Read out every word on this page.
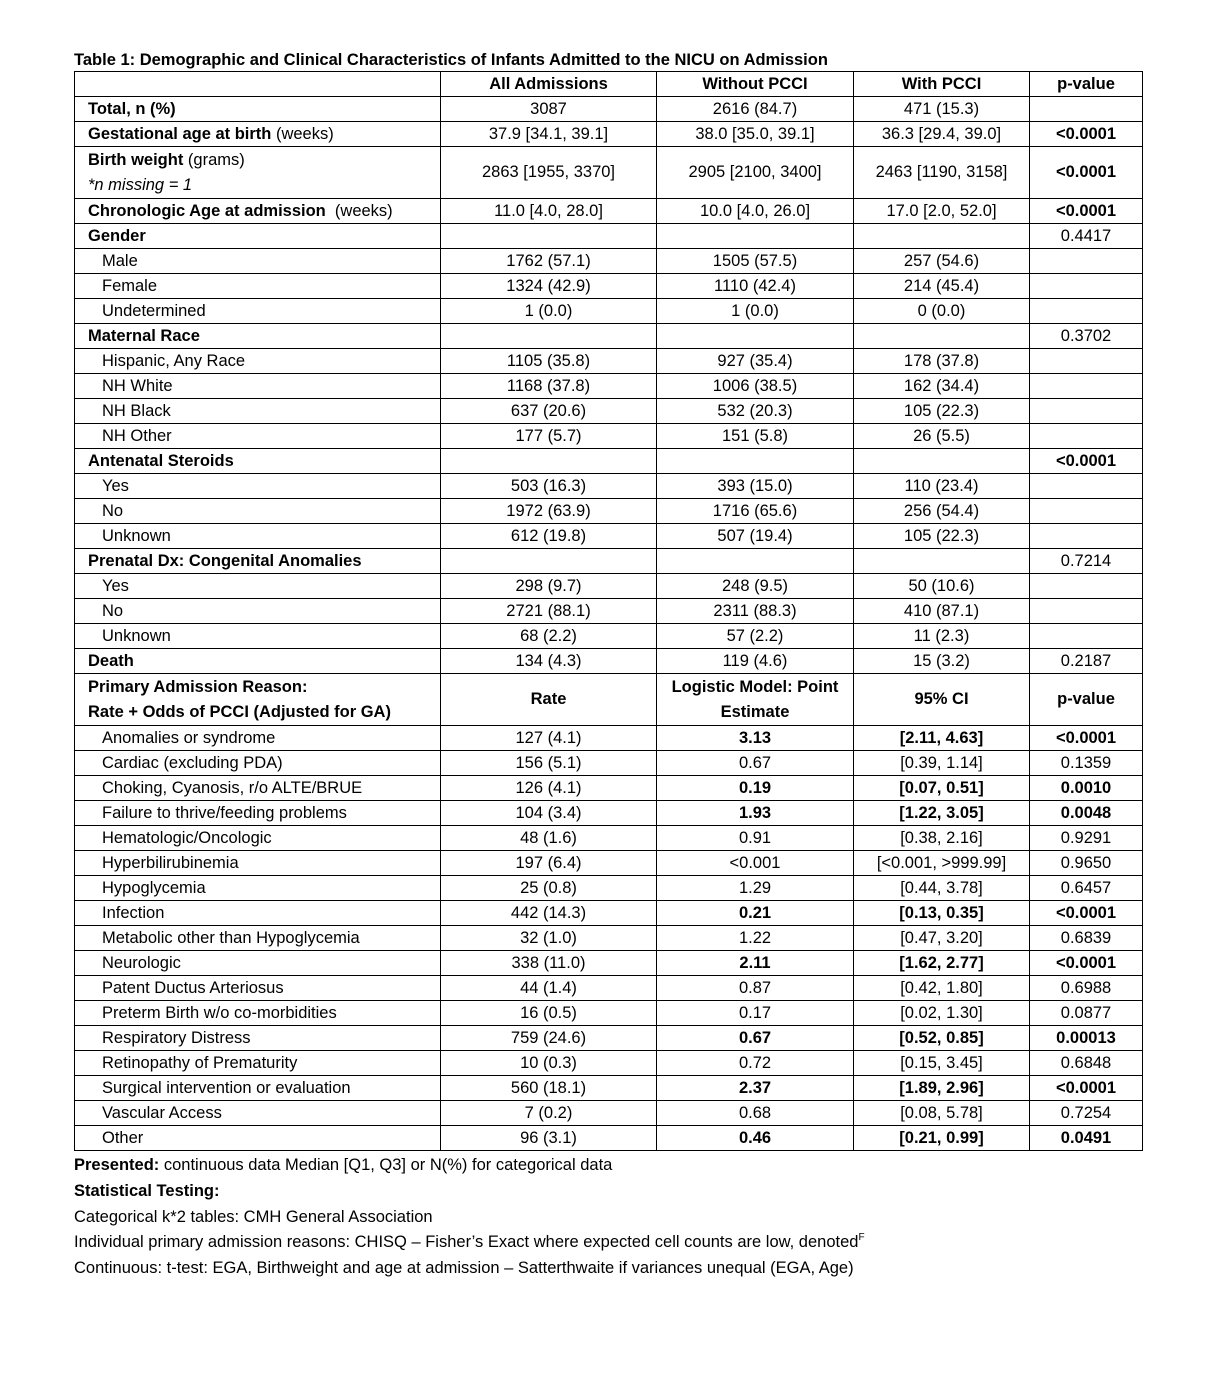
Table 1: Demographic and Clinical Characteristics of Infants Admitted to the NICU on Admission
	All Admissions	Without PCCI	With PCCI	p-value
Total, n (%)	3087	2616 (84.7)	471 (15.3)	
Gestational age at birth (weeks)	37.9 [34.1, 39.1]	38.0 [35.0, 39.1]	36.3 [29.4, 39.0]	<0.0001

Birth weight (grams)
*n missing = 1	2863 [1955, 3370]	2905 [2100, 3400]	2463 [1190, 3158]	<0.0001
Chronologic Age at admission  (weeks)	11.0 [4.0, 28.0]	10.0 [4.0, 26.0]	17.0 [2.0, 52.0]	<0.0001
Gender				0.4417
Male	1762 (57.1)	1505 (57.5)	257 (54.6)	
Female	1324 (42.9)	1110 (42.4)	214 (45.4)	
Undetermined	1 (0.0)	1 (0.0)	0 (0.0)	
Maternal Race				0.3702
Hispanic, Any Race	1105 (35.8)	927 (35.4)	178 (37.8)	
NH White	1168 (37.8)	1006 (38.5)	162 (34.4)	
NH Black	637 (20.6)	532 (20.3)	105 (22.3)	
NH Other	177 (5.7)	151 (5.8)	26 (5.5)	
Antenatal Steroids				<0.0001
Yes	503 (16.3)	393 (15.0)	110 (23.4)	
No	1972 (63.9)	1716 (65.6)	256 (54.4)	
Unknown	612 (19.8)	507 (19.4)	105 (22.3)	
Prenatal Dx: Congenital Anomalies				0.7214
Yes	298 (9.7)	248 (9.5)	50 (10.6)	
No	2721 (88.1)	2311 (88.3)	410 (87.1)	
Unknown	68 (2.2)	57 (2.2)	11 (2.3)	
Death	134 (4.3)	119 (4.6)	15 (3.2)	0.2187

Primary Admission Reason:
Rate + Odds of PCCI (Adjusted for GA)	Rate	Logistic Model: Point Estimate	95% CI	p-value
Anomalies or syndrome	127 (4.1)	3.13	[2.11, 4.63]	<0.0001
Cardiac (excluding PDA)	156 (5.1)	0.67	[0.39, 1.14]	0.1359
Choking, Cyanosis, r/o ALTE/BRUE	126 (4.1)	0.19	[0.07, 0.51]	0.0010
Failure to thrive/feeding problems	104 (3.4)	1.93	[1.22, 3.05]	0.0048
Hematologic/Oncologic	48 (1.6)	0.91	[0.38, 2.16]	0.9291
Hyperbilirubinemia	197 (6.4)	<0.001	[<0.001, >999.99]	0.9650
Hypoglycemia	25 (0.8)	1.29	[0.44, 3.78]	0.6457
Infection	442 (14.3)	0.21	[0.13, 0.35]	<0.0001
Metabolic other than Hypoglycemia	32 (1.0)	1.22	[0.47, 3.20]	0.6839
Neurologic	338 (11.0)	2.11	[1.62, 2.77]	<0.0001
Patent Ductus Arteriosus	44 (1.4)	0.87	[0.42, 1.80]	0.6988
Preterm Birth w/o co-morbidities	16 (0.5)	0.17	[0.02, 1.30]	0.0877
Respiratory Distress	759 (24.6)	0.67	[0.52, 0.85]	0.00013
Retinopathy of Prematurity	10 (0.3)	0.72	[0.15, 3.45]	0.6848
Surgical intervention or evaluation	560 (18.1)	2.37	[1.89, 2.96]	<0.0001
Vascular Access	7 (0.2)	0.68	[0.08, 5.78]	0.7254
Other	96 (3.1)	0.46	[0.21, 0.99]	0.0491
Presented: continuous data Median [Q1, Q3] or N(%) for categorical data
Statistical Testing:
Categorical k*2 tables: CMH General Association
Individual primary admission reasons: CHISQ – Fisher’s Exact where expected cell counts are low, denoted$^F$
Continuous: t-test: EGA, Birthweight and age at admission – Satterthwaite if variances unequal (EGA, Age)
